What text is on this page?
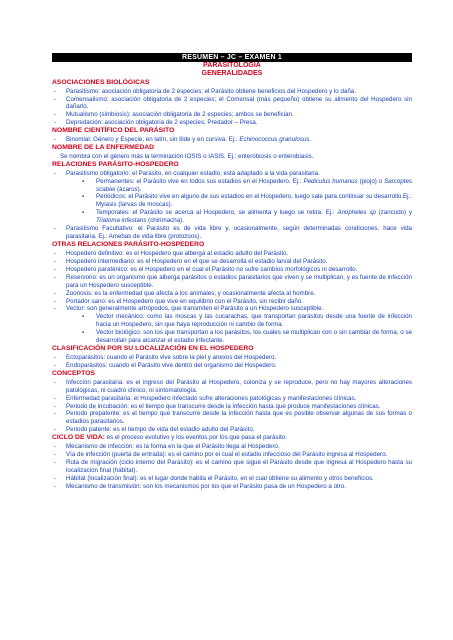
RESUMEN – JC – EXAMEN 1
PARASITOLOGIA
GENERALIDADES
ASOCIACIONES BIOLÓGICAS
- Parasitismo: asociación obligatoria de 2 especies; el Parásito obtiene beneficios del Hospedero y lo daña.
- Comensalismo: asociación obligatoria de 2 especies; el Comensal (más pequeño) obtiene su alimento del Hospedero sin dañarlo.
- Mutualismo (simbiosis): asociación obligatoria de 2 especies; ambos se benefician.
- Depredación: asociación obligatoria de 2 especies; Predador – Presa.
NOMBRE CIENTÍFICO DEL PARÁSITO
- Binomial: Género y Especie, en latín, sin tilde y en cursiva. Ej.: Echinococcus granulosus.
NOMBRE DE LA ENFERMEDAD
Se nombra con el género más la terminación IOSIS o IASIS. Ej.: enterobiosis o enterobiasis.
RELACIONES PARÁSITO-HOSPEDERO
- Parasitismo obligatorio: el Parásito, en cualquier estadio, está adaptado a la vida parasitaria.
▪ Permanentes: el Parásito vive en todos sus estadios en el Hospedero. Ej.: Pediculus humanus (piojo) o Sarcoptes scabiei (ácaros).
▪ Periódicos: el Parásito vive en alguno de sus estadios en el Hospedero, luego sale para continuar su desarrollo.Ej.: Myiasis (larvas de moscas).
▪ Temporales: el Parásito se acerca al Hospedero, se alimenta y luego se retira. Ej.: Anopheles sp (zancudo) y Triatoma infestans (chirimacha).
- Parasitismo Facultativo: el Parásito es de vida libre y, ocasionalmente, según determinadas condiciones, hace vida parasitaria. Ej.: Amebas de vida libre (protozoos).
OTRAS RELACIONES PARÁSITO-HOSPEDERO
- Hospedero definitivo: es el Hospedero que alberga al estadio adulto del Parásito.
- Hospedero intermediario: es el Hospedero en el que se desarrolla el estadio larval del Parásito.
- Hospedero paraténico: es el Hospedero en el cual el Parásito no sufre cambios morfológicos ni desarrollo.
- Reservorio: es un organismo que alberga parásitos o estadios parasitarios que viven y se multiplican, y es fuente de infección para un Hospedero susceptible.
- Zoonosis: es la enfermedad que afecta a los animales, y ocasionalmente afecta al hombre.
- Portador sano: es el Hospedero que vive en equilibrio con el Parásito, sin recibir daño.
- Vector: son generalmente artrópodos, que transmiten el Parásito a un Hospedero susceptible.
▪ Vector mecánico: como las moscas y las cucarachas, que transportan parásitos desde una fuente de infección hacia un Hospedero, sin que haya reproducción ni cambio de forma.
▪ Vector biológico: son los que transportan a los parásitos, los cuales se multiplican con o sin cambiar de forma, o se desarrollan para alcanzar el estadio infectante.
CLASIFICACIÓN POR SU LOCALIZACIÓN EN EL HOSPEDERO
- Ectoparásitos: cuando el Parásito vive sobre la piel y anexos del Hospedero.
- Endoparásitos: cuando el Parásito vive dentro del organismo del Hospedero.
CONCEPTOS
- Infección parasitaria: es el ingreso del Parásito al Hospedero, coloniza y se reproduce, pero no hay mayores alteraciones patológicas, ni cuadro clínico, ni sintomatología.
- Enfermedad parasitaria: el Hospedero infectado sufre alteraciones patológicas y manifestaciones clínicas.
- Periodo de incubación: es el tiempo que transcurre desde la infección hasta que produce manifestaciones clínicas.
- Periodo prepatente: es el tiempo que transcurre desde la infección hasta que es posible observar algunas de sus formas o estadios parasitarios.
- Periodo patente: es el tiempo de vida del estadio adulto del Parásito.
CICLO DE VIDA: es el proceso evolutivo y los eventos por los que pasa el parásito.
- Mecanismo de infección: es la forma en la que el Parásito llega al Hospedero.
- Vía de infección (puerta de entrada): es el camino por el cual el estadio infeccioso del Parásito ingresa al Hospedero.
- Ruta de migración (ciclo interno del Parásito): es el camino que sigue el Parásito desde que ingresa al Hospedero hasta su localización final (hábitat).
- Hábitat (localización final): es el lugar donde habita el Parásito, en el cual obtiene su alimento y otros beneficios.
- Mecanismo de transmisión: son los mecanismos por los que el Parásito pasa de un Hospedero a otro.
